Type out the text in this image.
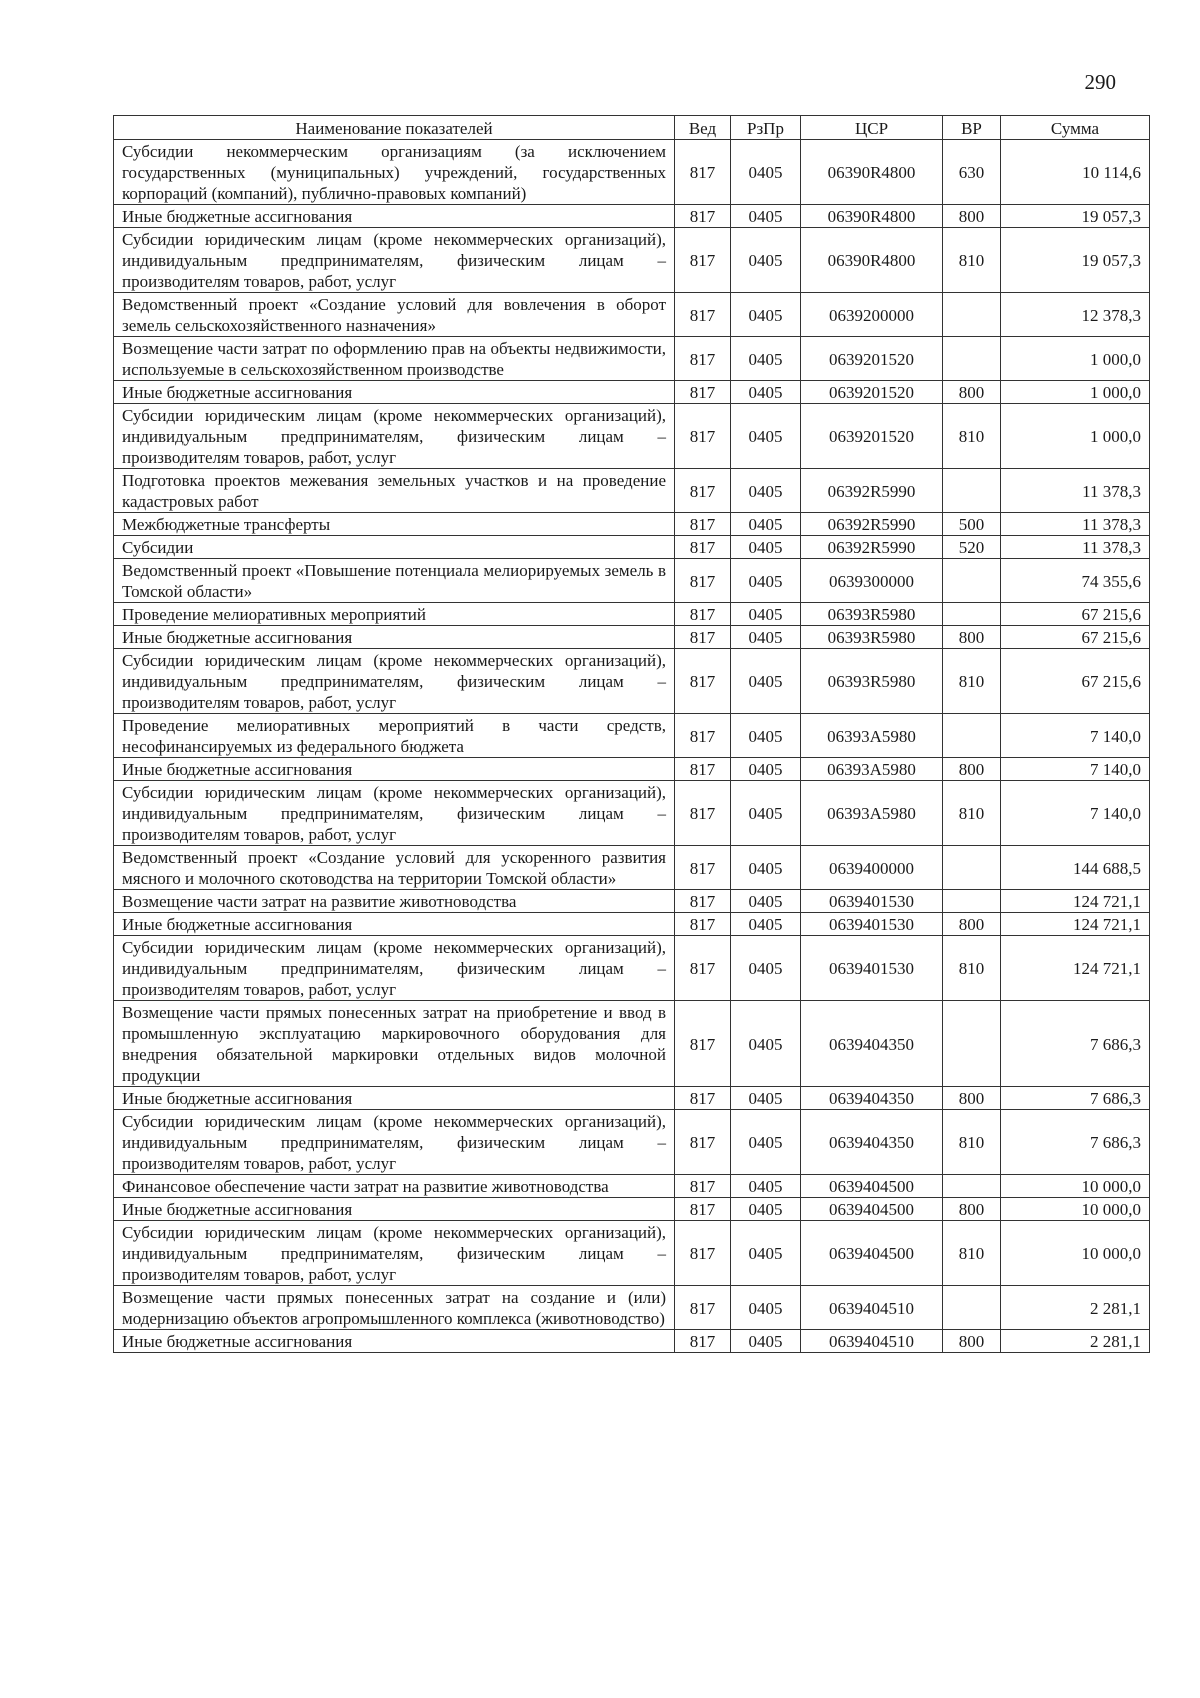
290
Наименование показателей	Вед	РзПр	ЦСР	ВР	Сумма
Субсидии некоммерческим организациям (за исключением государственных (муниципальных) учреждений, государственных корпораций (компаний), публично-правовых компаний)	817	0405	06390R4800	630	10 114,6
Иные бюджетные ассигнования	817	0405	06390R4800	800	19 057,3
Субсидии юридическим лицам (кроме некоммерческих организаций), индивидуальным предпринимателям, физическим лицам – производителям товаров, работ, услуг	817	0405	06390R4800	810	19 057,3
Ведомственный проект «Создание условий для вовлечения в оборот земель сельскохозяйственного назначения»	817	0405	0639200000		12 378,3
Возмещение части затрат по оформлению прав на объекты недвижимости, используемые в сельскохозяйственном производстве	817	0405	0639201520		1 000,0
Иные бюджетные ассигнования	817	0405	0639201520	800	1 000,0
Субсидии юридическим лицам (кроме некоммерческих организаций), индивидуальным предпринимателям, физическим лицам – производителям товаров, работ, услуг	817	0405	0639201520	810	1 000,0
Подготовка проектов межевания земельных участков и на проведение кадастровых работ	817	0405	06392R5990		11 378,3
Межбюджетные трансферты	817	0405	06392R5990	500	11 378,3
Субсидии	817	0405	06392R5990	520	11 378,3
Ведомственный проект «Повышение потенциала мелиорируемых земель в Томской области»	817	0405	0639300000		74 355,6
Проведение мелиоративных мероприятий	817	0405	06393R5980		67 215,6
Иные бюджетные ассигнования	817	0405	06393R5980	800	67 215,6
Субсидии юридическим лицам (кроме некоммерческих организаций), индивидуальным предпринимателям, физическим лицам – производителям товаров, работ, услуг	817	0405	06393R5980	810	67 215,6
Проведение мелиоративных мероприятий в части средств, несофинансируемых из федерального бюджета	817	0405	06393A5980		7 140,0
Иные бюджетные ассигнования	817	0405	06393A5980	800	7 140,0
Субсидии юридическим лицам (кроме некоммерческих организаций), индивидуальным предпринимателям, физическим лицам – производителям товаров, работ, услуг	817	0405	06393A5980	810	7 140,0
Ведомственный проект «Создание условий для ускоренного развития мясного и молочного скотоводства на территории Томской области»	817	0405	0639400000		144 688,5
Возмещение части затрат на развитие животноводства	817	0405	0639401530		124 721,1
Иные бюджетные ассигнования	817	0405	0639401530	800	124 721,1
Субсидии юридическим лицам (кроме некоммерческих организаций), индивидуальным предпринимателям, физическим лицам – производителям товаров, работ, услуг	817	0405	0639401530	810	124 721,1
Возмещение части прямых понесенных затрат на приобретение и ввод в промышленную эксплуатацию маркировочного оборудования для внедрения обязательной маркировки отдельных видов молочной продукции	817	0405	0639404350		7 686,3
Иные бюджетные ассигнования	817	0405	0639404350	800	7 686,3
Субсидии юридическим лицам (кроме некоммерческих организаций), индивидуальным предпринимателям, физическим лицам – производителям товаров, работ, услуг	817	0405	0639404350	810	7 686,3
Финансовое обеспечение части затрат на развитие животноводства	817	0405	0639404500		10 000,0
Иные бюджетные ассигнования	817	0405	0639404500	800	10 000,0
Субсидии юридическим лицам (кроме некоммерческих организаций), индивидуальным предпринимателям, физическим лицам – производителям товаров, работ, услуг	817	0405	0639404500	810	10 000,0
Возмещение части прямых понесенных затрат на создание и (или) модернизацию объектов агропромышленного комплекса (животноводство)	817	0405	0639404510		2 281,1
Иные бюджетные ассигнования	817	0405	0639404510	800	2 281,1
